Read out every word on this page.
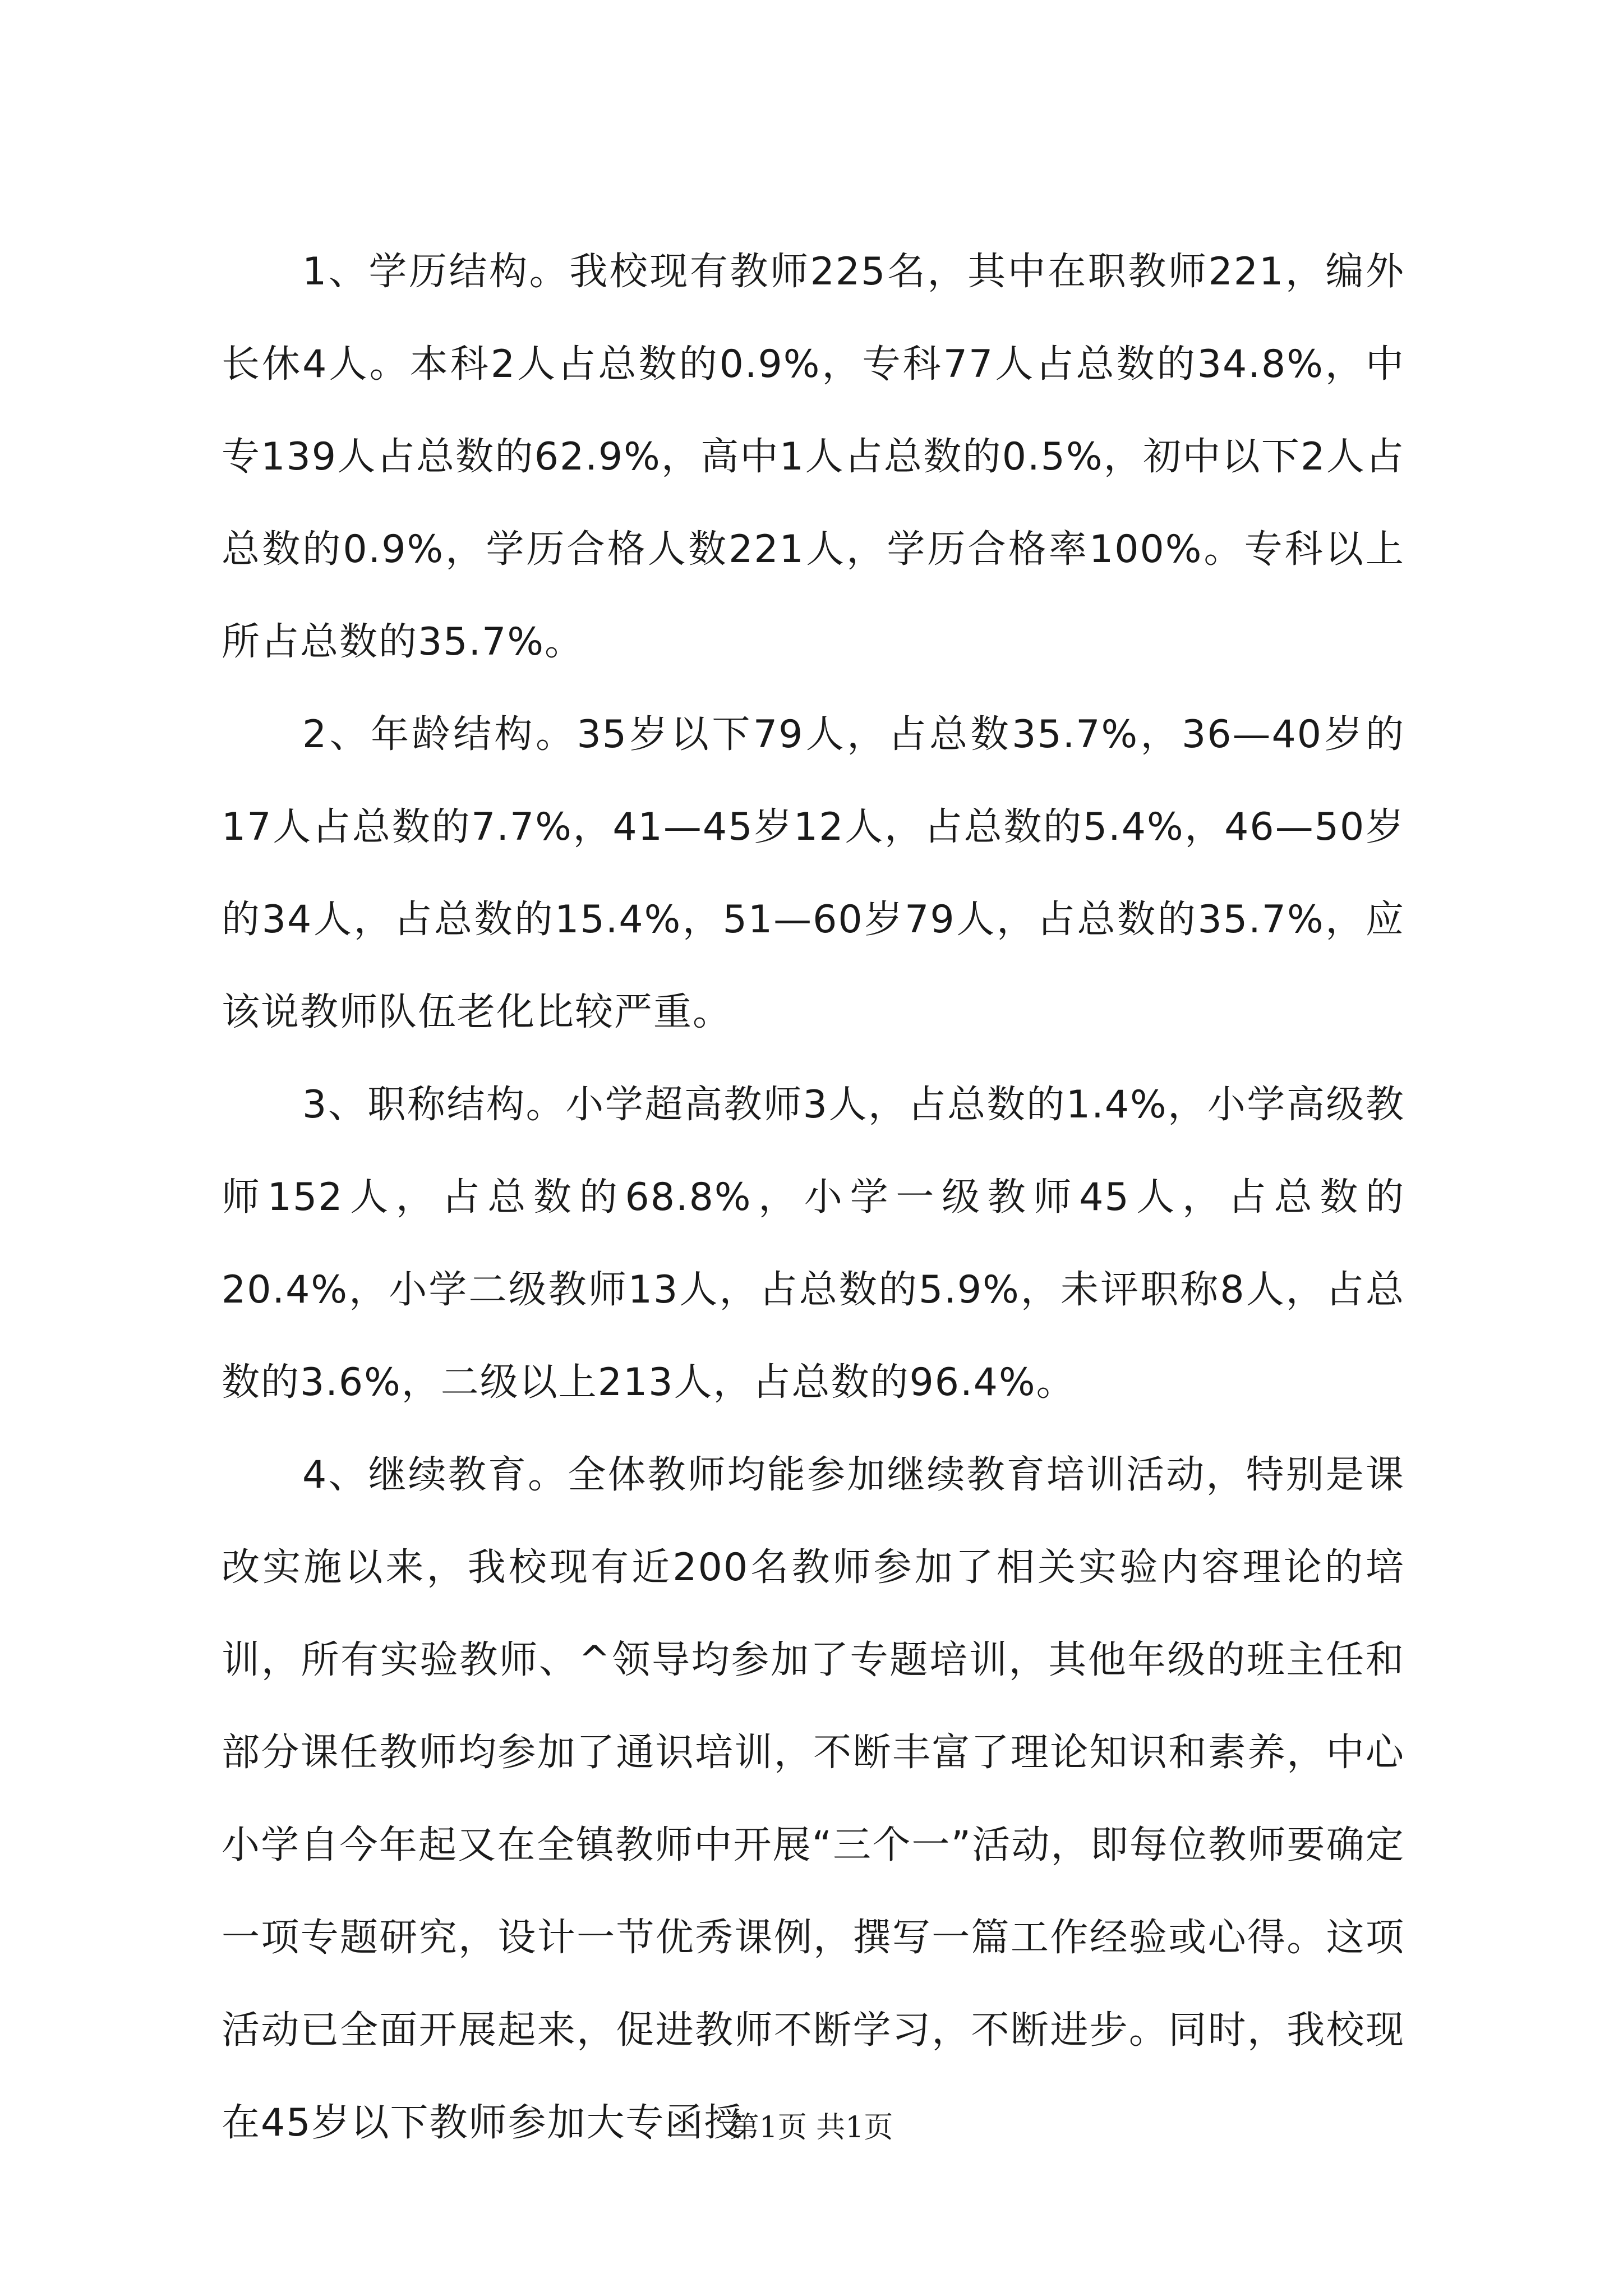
1、学历结构。我校现有教师225名，其中在职教师221，编外长休4人。本科2人占总数的0.9%，专科77人占总数的34.8%，中专139人占总数的62.9%，高中1人占总数的0.5%，初中以下2人占总数的0.9%，学历合格人数221人，学历合格率100%。专科以上所占总数的35.7%。

2、年龄结构。35岁以下79人，占总数35.7%，36—40岁的17人占总数的7.7%，41—45岁12人，占总数的5.4%，46—50岁的34人，占总数的15.4%，51—60岁79人，占总数的35.7%，应该说教师队伍老化比较严重。

3、职称结构。小学超高教师3人，占总数的1.4%，小学高级教师152人，占总数的68.8%，小学一级教师45人，占总数的20.4%，小学二级教师13人，占总数的5.9%，未评职称8人，占总数的3.6%，二级以上213人，占总数的96.4%。

4、继续教育。全体教师均能参加继续教育培训活动，特别是课改实施以来，我校现有近200名教师参加了相关实验内容理论的培训，所有实验教师、^领导均参加了专题培训，其他年级的班主任和部分课任教师均参加了通识培训，不断丰富了理论知识和素养，中心小学自今年起又在全镇教师中开展“三个一”活动，即每位教师要确定一项专题研究，设计一节优秀课例，撰写一篇工作经验或心得。这项活动已全面开展起来，促进教师不断学习，不断进步。同时，我校现在45岁以下教师参加大专函授

第1页 共1页
